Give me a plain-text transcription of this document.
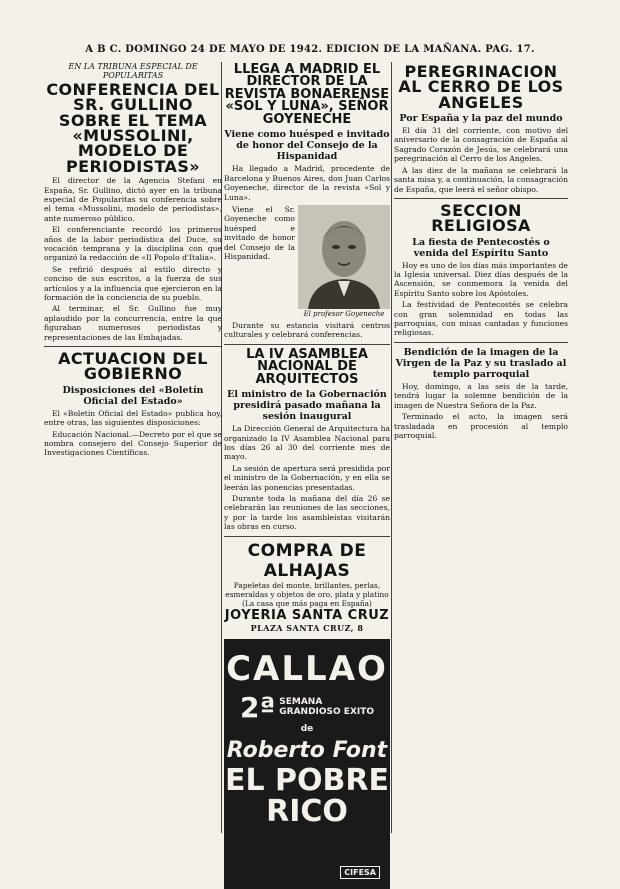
A B C. DOMINGO 24 DE MAYO DE 1942. EDICION DE LA MAÑANA. PAG. 17.
EN LA TRIBUNA ESPECIAL DE POPULARITAS
CONFERENCIA DEL SR. GULLINO SOBRE EL TEMA «MUSSOLINI, MODELO DE PERIODISTAS»

El director de la Agencia Stefani en España, Sr. Gullino, dictó ayer en la tribuna especial de Popularitas su conferencia sobre el tema «Mussolini, modelo de periodistas», ante numeroso público.

El conferenciante recordó los primeros años de la labor periodística del Duce, su vocación temprana y la disciplina con que organizó la redacción de «Il Popolo d'Italia».

Se refirió después al estilo directo y conciso de sus escritos, a la fuerza de sus artículos y a la influencia que ejercieron en la formación de la conciencia de su pueblo.

Al terminar, el Sr. Gullino fue muy aplaudido por la concurrencia, entre la que figuraban numerosos periodistas y representaciones de las Embajadas.

ACTUACION DEL GOBIERNO
Disposiciones del «Boletín Oficial del Estado»

El «Boletín Oficial del Estado» publica hoy, entre otras, las siguientes disposiciones:

Educación Nacional.—Decreto por el que se nombra consejero del Consejo Superior de Investigaciones Científicas.

LLEGA A MADRID EL DIRECTOR DE LA REVISTA BONAERENSE «SOL Y LUNA», SEÑOR GOYENECHE
Viene como huésped e invitado de honor del Consejo de la Hispanidad

Ha llegado a Madrid, procedente de Barcelona y Buenos Aires, don Juan Carlos Goyeneche, director de la revista «Sol y Luna».

Viene el Sr. Goyeneche como huésped e invitado de honor del Consejo de la Hispanidad.

El profesor Goyeneche

Durante su estancia visitará centros culturales y celebrará conferencias.

LA IV ASAMBLEA NACIONAL DE ARQUITECTOS
El ministro de la Gobernación presidirá pasado mañana la sesión inaugural

La Dirección General de Arquitectura ha organizado la IV Asamblea Nacional para los días 26 al 30 del corriente mes de mayo.

La sesión de apertura será presidida por el ministro de la Gobernación, y en ella se leerán las ponencias presentadas.

Durante toda la mañana del día 26 se celebrarán las reuniones de las secciones, y por la tarde los asambleístas visitarán las obras en curso.

COMPRA DE ALHAJAS
Papeletas del monte, brillantes, perlas, esmeraldas y objetos de oro, plata y platino
(La casa que más paga en España)
JOYERIA SANTA CRUZ
PLAZA SANTA CRUZ, 8
CALLAO
2ª SEMANA
GRANDIOSO EXITO
de
Roberto Font
EL POBRE RICO
CIFESA
PEREGRINACION AL CERRO DE LOS ANGELES
Por España y la paz del mundo

El día 31 del corriente, con motivo del aniversario de la consagración de España al Sagrado Corazón de Jesús, se celebrará una peregrinación al Cerro de los Angeles.

A las diez de la mañana se celebrará la santa misa y, a continuación, la consagración de España, que leerá el señor obispo.

SECCION RELIGIOSA
La fiesta de Pentecostés o venida del Espíritu Santo

Hoy es uno de los días más importantes de la Iglesia universal. Diez días después de la Ascensión, se conmemora la venida del Espíritu Santo sobre los Apóstoles.

La festividad de Pentecostés se celebra con gran solemnidad en todas las parroquias, con misas cantadas y funciones religiosas.

Bendición de la imagen de la Virgen de la Paz y su traslado al templo parroquial

Hoy, domingo, a las seis de la tarde, tendrá lugar la solemne bendición de la imagen de Nuestra Señora de la Paz.

Terminado el acto, la imagen será trasladada en procesión al templo parroquial.
